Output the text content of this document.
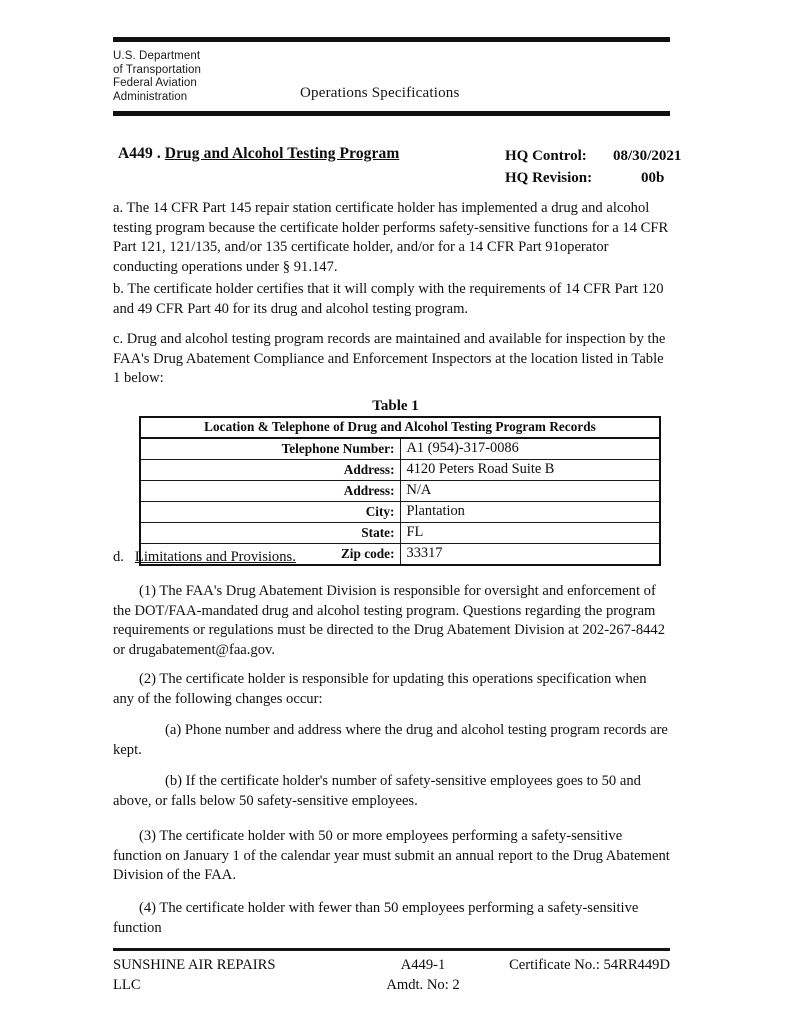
U.S. Department
of Transportation
Federal Aviation
Administration	Operations Specifications
A449 . Drug and Alcohol Testing Program	HQ Control: 08/30/2021
HQ Revision:	00b
a. The 14 CFR Part 145 repair station certificate holder has implemented a drug and alcohol testing program because the certificate holder performs safety-sensitive functions for a 14 CFR Part 121, 121/135, and/or 135 certificate holder, and/or for a 14 CFR Part 91operator conducting operations under § 91.147.
b. The certificate holder certifies that it will comply with the requirements of 14 CFR Part 120 and 49 CFR Part 40 for its drug and alcohol testing program.
c. Drug and alcohol testing program records are maintained and available for inspection by the FAA's Drug Abatement Compliance and Enforcement Inspectors at the location listed in Table 1 below:
Table 1
Location & Telephone of Drug and Alcohol Testing Program Records	
Telephone Number:	A1 (954)-317-0086
Address:	4120 Peters Road Suite B
Address:	N/A
City:	Plantation
State:	FL
Zip code:	33317
d. Limitations and Provisions.
(1) The FAA's Drug Abatement Division is responsible for oversight and enforcement of the DOT/FAA-mandated drug and alcohol testing program. Questions regarding the program requirements or regulations must be directed to the Drug Abatement Division at 202-267-8442 or drugabatement@faa.gov.
(2) The certificate holder is responsible for updating this operations specification when any of the following changes occur:
(a) Phone number and address where the drug and alcohol testing program records are kept.
(b) If the certificate holder's number of safety-sensitive employees goes to 50 and above, or falls below 50 safety-sensitive employees.
(3) The certificate holder with 50 or more employees performing a safety-sensitive function on January 1 of the calendar year must submit an annual report to the Drug Abatement Division of the FAA.
(4) The certificate holder with fewer than 50 employees performing a safety-sensitive function
SUNSHINE AIR REPAIRS
LLC
A449-1
Amdt. No: 2
Certificate No.: 54RR449D
